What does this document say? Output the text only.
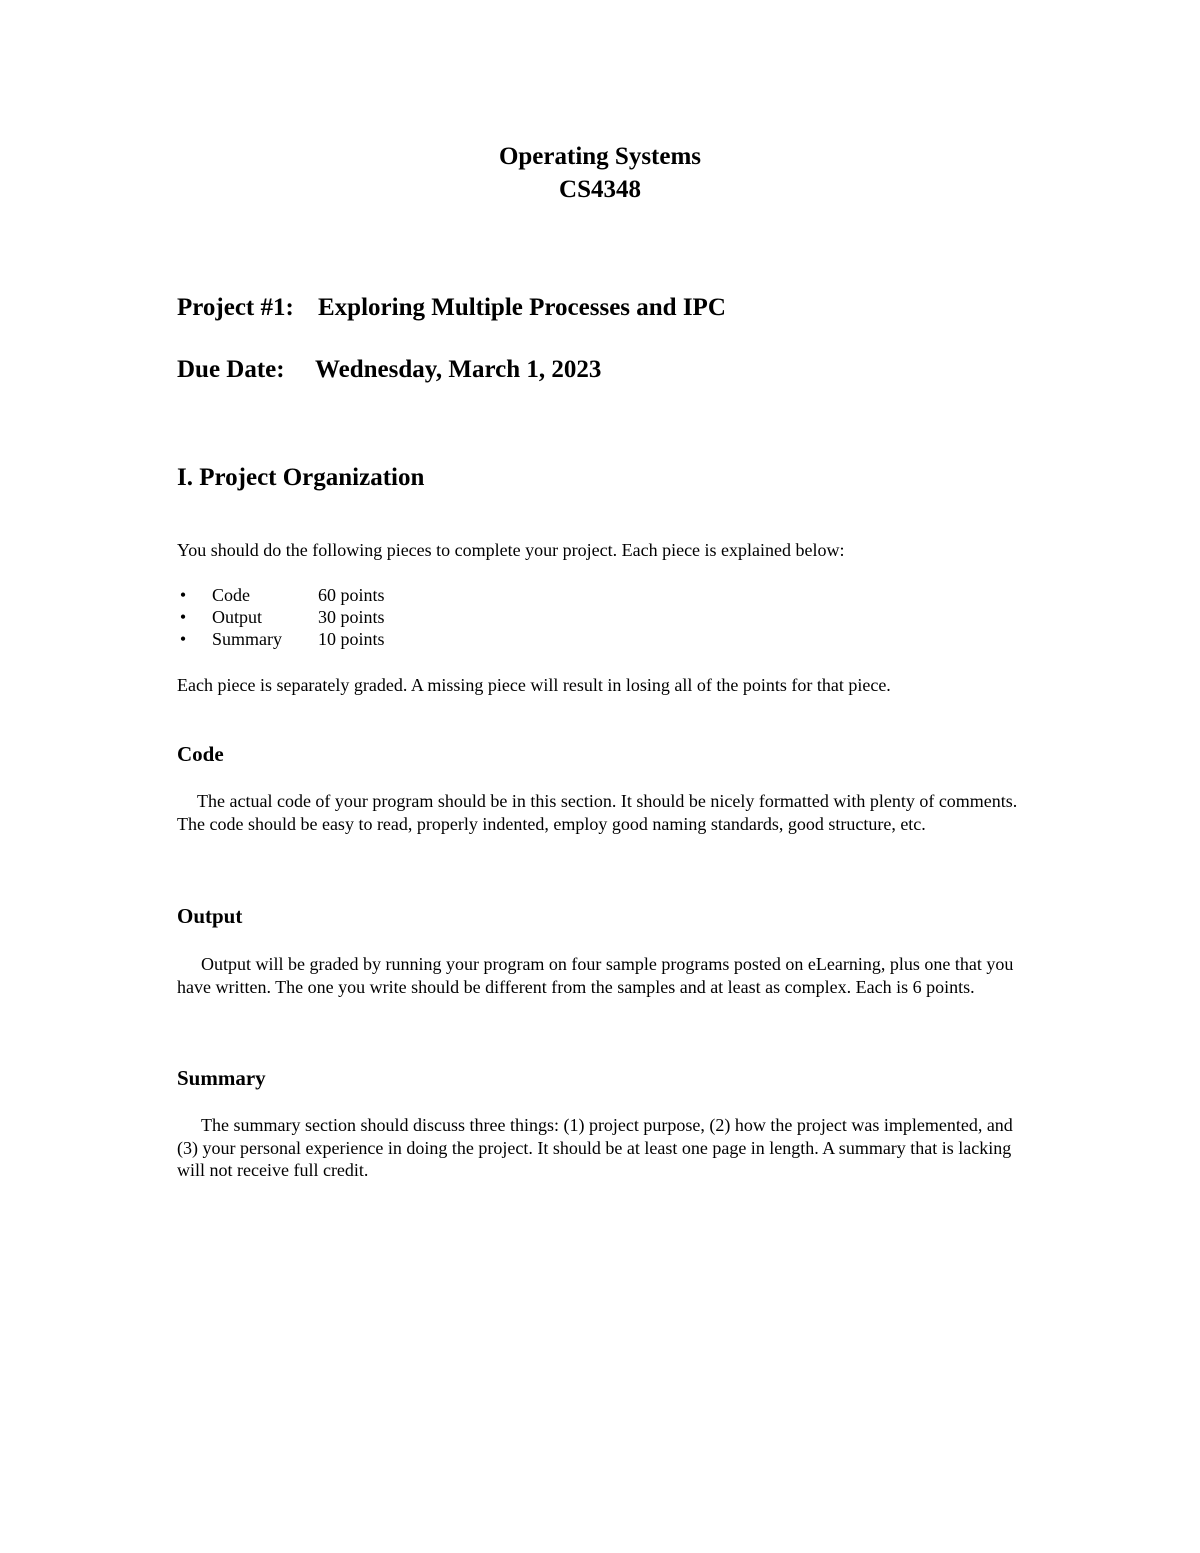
Operating Systems
CS4348
Project #1: Exploring Multiple Processes and IPC
Due Date: Wednesday, March 1, 2023
I. Project Organization
You should do the following pieces to complete your project. Each piece is explained below:
• Code	60 points
• Output	30 points
• Summary 10 points
Each piece is separately graded. A missing piece will result in losing all of the points for that piece.
Code
The actual code of your program should be in this section. It should be nicely formatted with plenty of comments. The code should be easy to read, properly indented, employ good naming standards, good structure, etc.
Output
Output will be graded by running your program on four sample programs posted on eLearning, plus one that you have written. The one you write should be different from the samples and at least as complex. Each is 6 points.
Summary
The summary section should discuss three things: (1) project purpose, (2) how the project was implemented, and (3) your personal experience in doing the project. It should be at least one page in length. A summary that is lacking will not receive full credit.
